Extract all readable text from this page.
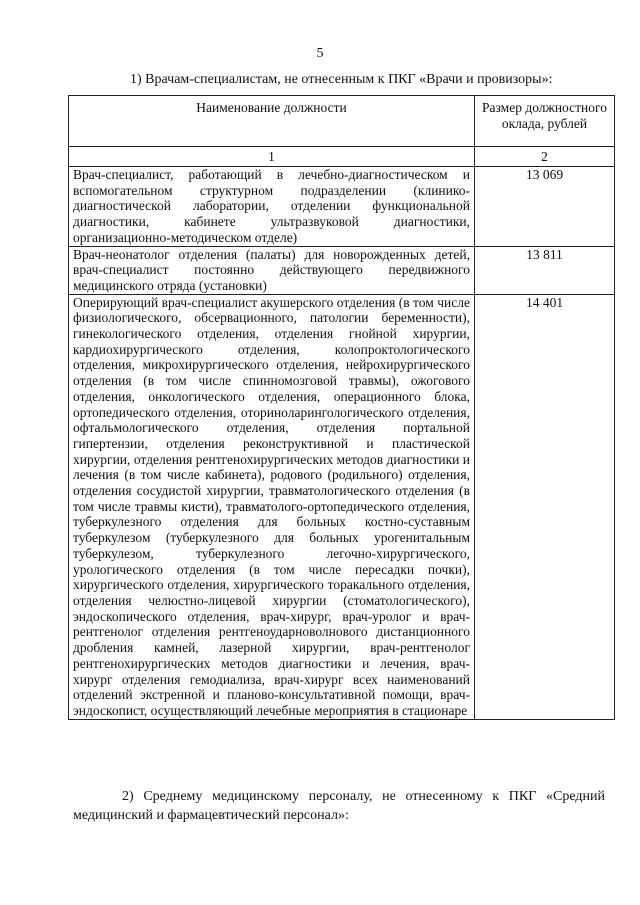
5
1) Врачам-специалистам, не отнесенным к ПКГ «Врачи и провизоры»:
Наименование должности	Размер должностного оклада, рублей
1	2
Врач-специалист, работающий в лечебно-диагностическом и вспомогательном структурном подразделении (клинико-диагностической лаборатории, отделении функциональной диагностики, кабинете ультразвуковой диагностики, организационно-методическом отделе)	13 069
Врач-неонатолог отделения (палаты) для новорожденных детей, врач-специалист постоянно действующего передвижного медицинского отряда (установки)	13 811
Оперирующий врач-специалист акушерского отделения (в том числе физиологического, обсервационного, патологии беременности), гинекологического отделения, отделения гнойной хирургии, кардиохирургического отделения, колопроктологического отделения, микрохирургического отделения, нейрохирургического отделения (в том числе спинномозговой травмы), ожогового отделения, онкологического отделения, операционного блока, ортопедического отделения, оториноларингологического отделения, офтальмологического отделения, отделения портальной гипертензии, отделения реконструктивной и пластической хирургии, отделения рентгенохирургических методов диагностики и лечения (в том числе кабинета), родового (родильного) отделения, отделения сосудистой хирургии, травматологического отделения (в том числе травмы кисти), травматолого-ортопедического отделения, туберкулезного отделения для больных костно-суставным туберкулезом (туберкулезного для больных урогенитальным туберкулезом, туберкулезного легочно-хирургического, урологического отделения (в том числе пересадки почки), хирургического отделения, хирургического торакального отделения, отделения челюстно-лицевой хирургии (стоматологического), эндоскопического отделения, врач-хирург, врач-уролог и врач-рентгенолог отделения рентгеноударноволнового дистанционного дробления камней, лазерной хирургии, врач-рентгенолог рентгенохирургических методов диагностики и лечения, врач-хирург отделения гемодиализа, врач-хирург всех наименований отделений экстренной и планово-консультативной помощи, врач-эндоскопист, осуществляющий лечебные мероприятия в стационаре	14 401
2) Среднему медицинскому персоналу, не отнесенному к ПКГ «Средний медицинский и фармацевтический персонал»:
